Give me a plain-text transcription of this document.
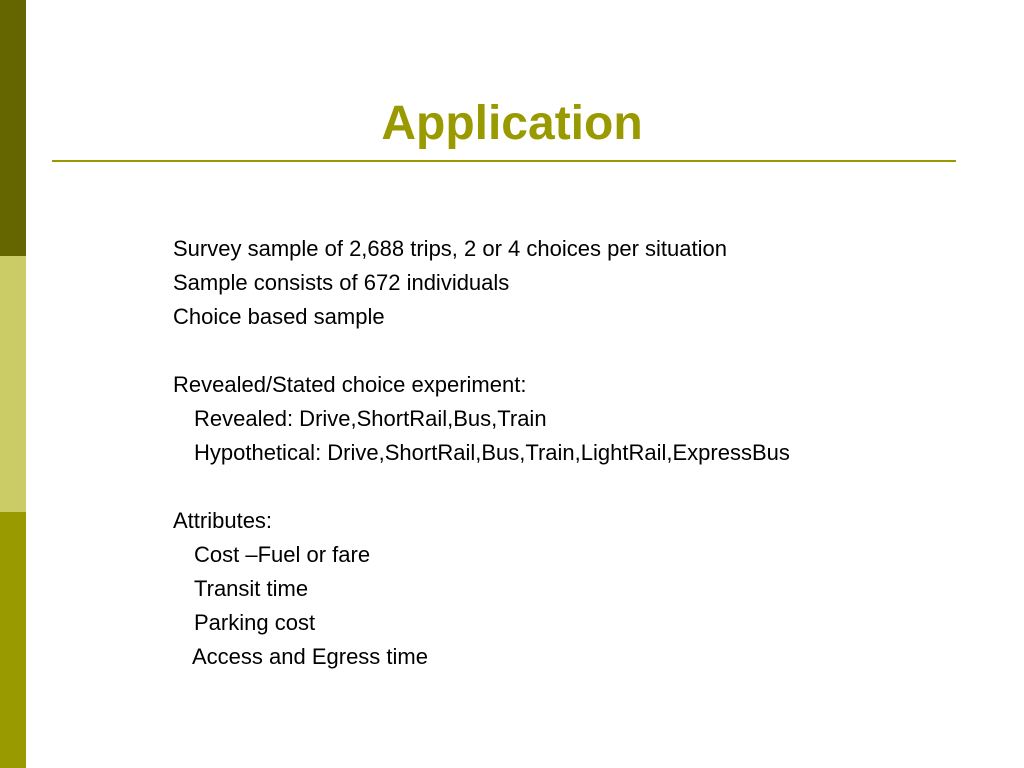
Application
Survey sample of 2,688 trips, 2 or 4 choices per situation
Sample consists of 672 individuals
Choice based sample
Revealed/Stated choice experiment:
Revealed: Drive,ShortRail,Bus,Train
Hypothetical: Drive,ShortRail,Bus,Train,LightRail,ExpressBus
Attributes:
Cost –Fuel or fare
Transit time
Parking cost
Access and Egress time
